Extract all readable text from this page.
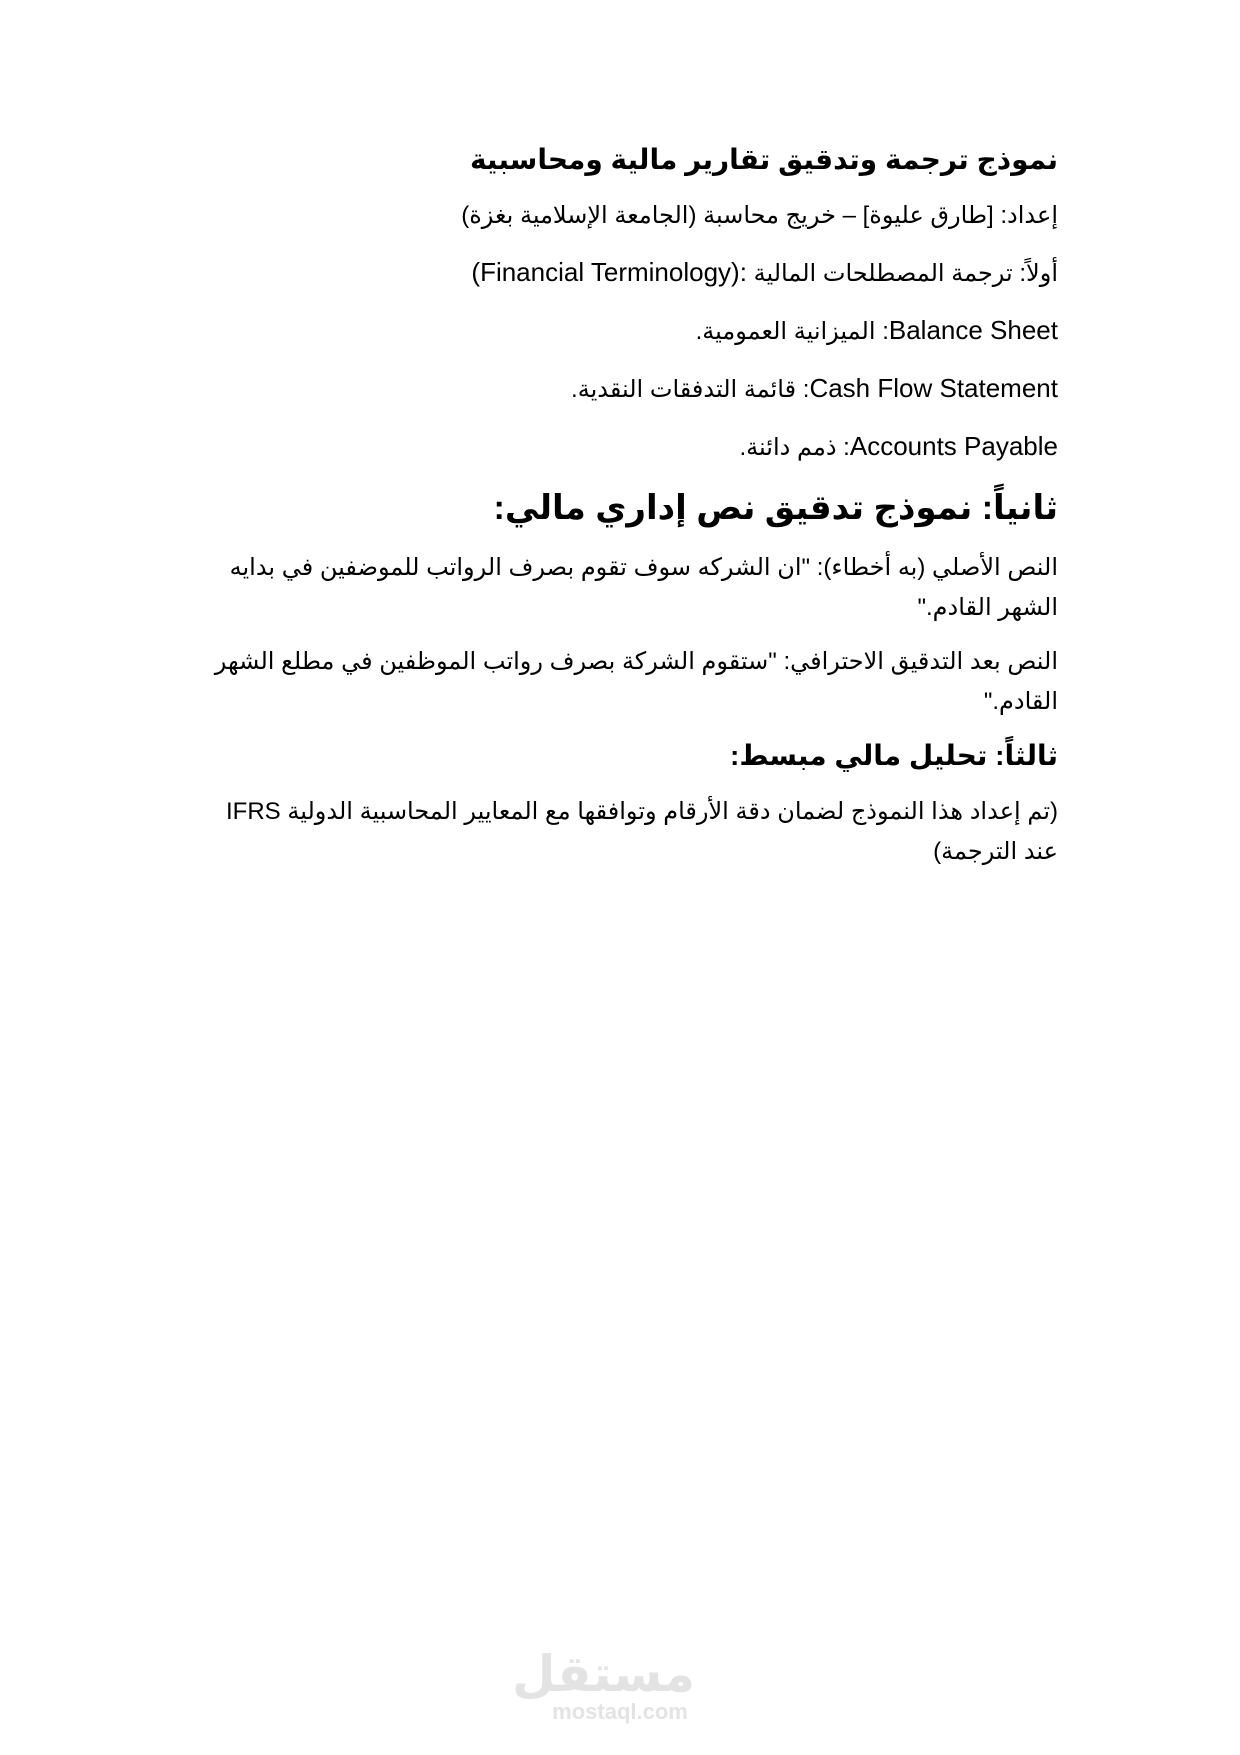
نموذج ترجمة وتدقيق تقارير مالية ومحاسبية
إعداد: [طارق عليوة] – خريج محاسبة (الجامعة الإسلامية بغزة)
أولاً: ترجمة المصطلحات المالية (Financial Terminology):
Balance Sheet: الميزانية العمومية.
Cash Flow Statement: قائمة التدفقات النقدية.
Accounts Payable: ذمم دائنة.
ثانياً: نموذج تدقيق نص إداري مالي:
النص الأصلي (به أخطاء): "ان الشركه سوف تقوم بصرف الرواتب للموضفين في بدايه الشهر القادم."
النص بعد التدقيق الاحترافي: "ستقوم الشركة بصرف رواتب الموظفين في مطلع الشهر القادم."
ثالثاً: تحليل مالي مبسط:
(تم إعداد هذا النموذج لضمان دقة الأرقام وتوافقها مع المعايير المحاسبية الدولية IFRS عند الترجمة)
مستقل
mostaql.com
